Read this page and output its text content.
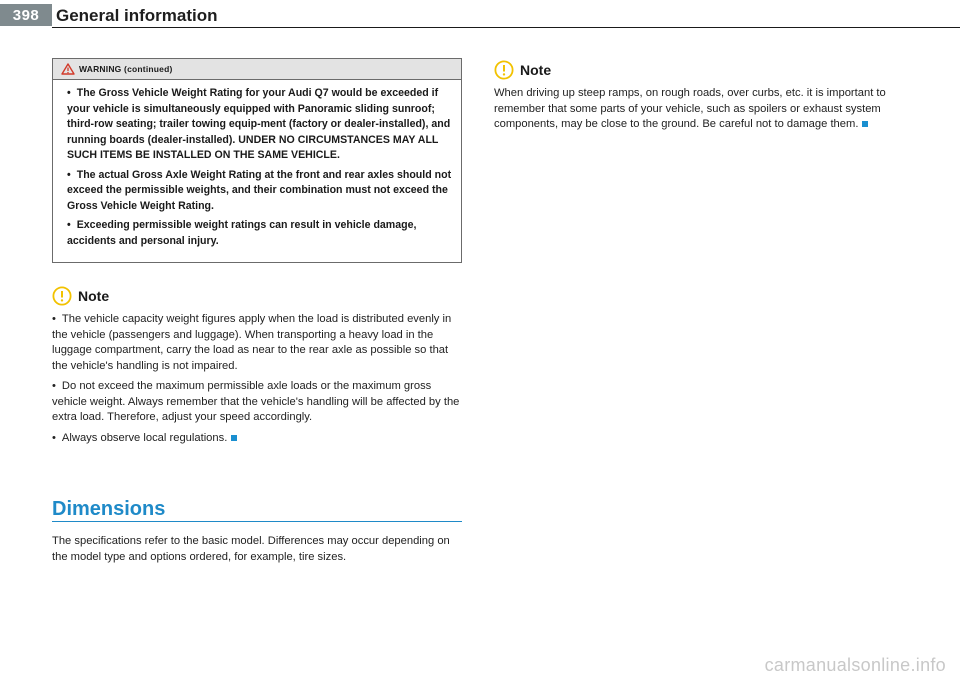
398 General information
WARNING (continued)

• The Gross Vehicle Weight Rating for your Audi Q7 would be exceeded if your vehicle is simultaneously equipped with Panoramic sliding sunroof; third-row seating; trailer towing equip-ment (factory or dealer-installed), and running boards (dealer-installed). UNDER NO CIRCUMSTANCES MAY ALL SUCH ITEMS BE INSTALLED ON THE SAME VEHICLE.

• The actual Gross Axle Weight Rating at the front and rear axles should not exceed the permissible weights, and their combination must not exceed the Gross Vehicle Weight Rating.

• Exceeding permissible weight ratings can result in vehicle damage, accidents and personal injury.

Note

• The vehicle capacity weight figures apply when the load is distributed evenly in the vehicle (passengers and luggage). When transporting a heavy load in the luggage compartment, carry the load as near to the rear axle as possible so that the vehicle's handling is not impaired.

• Do not exceed the maximum permissible axle loads or the maximum gross vehicle weight. Always remember that the vehicle's handling will be affected by the extra load. Therefore, adjust your speed accordingly.

• Always observe local regulations.

Dimensions

The specifications refer to the basic model. Differences may occur depending on the model type and options ordered, for example, tire sizes.

Note

When driving up steep ramps, on rough roads, over curbs, etc. it is important to remember that some parts of your vehicle, such as spoilers or exhaust system components, may be close to the ground. Be careful not to damage them.

carmanualsonline.info
